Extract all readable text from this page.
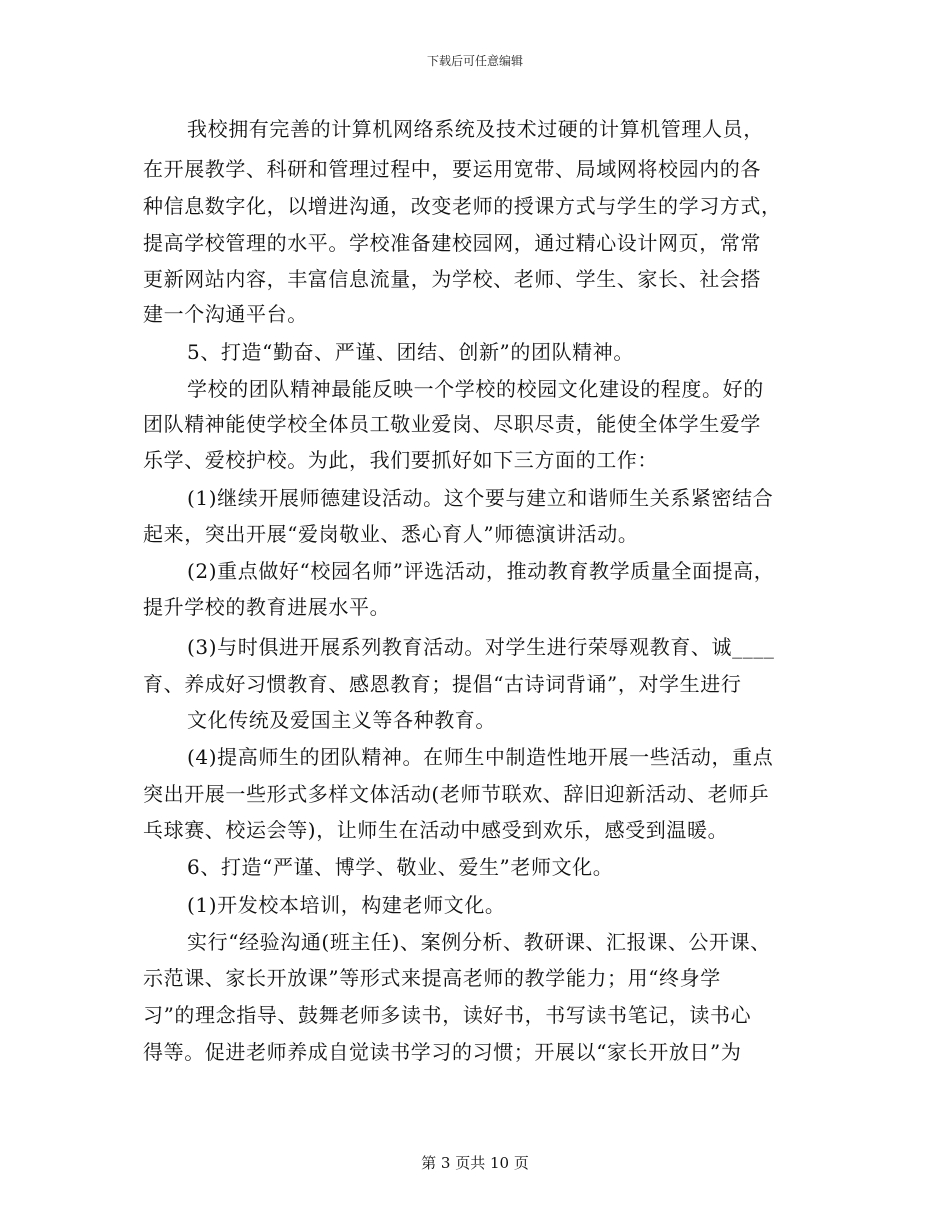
下载后可任意编辑
我校拥有完善的计算机网络系统及技术过硬的计算机管理人员，
在开展教学、科研和管理过程中，要运用宽带、局域网将校园内的各
种信息数字化，以增进沟通，改变老师的授课方式与学生的学习方式，
提高学校管理的水平。学校准备建校园网，通过精心设计网页，常常
更新网站内容，丰富信息流量，为学校、老师、学生、家长、社会搭
建一个沟通平台。
5、打造“勤奋、严谨、团结、创新”的团队精神。
学校的团队精神最能反映一个学校的校园文化建设的程度。好的
团队精神能使学校全体员工敬业爱岗、尽职尽责，能使全体学生爱学
乐学、爱校护校。为此，我们要抓好如下三方面的工作：
(1)继续开展师德建设活动。这个要与建立和谐师生关系紧密结合
起来，突出开展“爱岗敬业、悉心育人”师德演讲活动。
(2)重点做好“校园名师”评选活动，推动教育教学质量全面提高，
提升学校的教育进展水平。
(3)与时俱进开展系列教育活动。对学生进行荣辱观教育、诚____
育、养成好习惯教育、感恩教育；提倡“古诗词背诵”，对学生进行
文化传统及爱国主义等各种教育。
(4)提高师生的团队精神。在师生中制造性地开展一些活动，重点
突出开展一些形式多样文体活动(老师节联欢、辞旧迎新活动、老师乒
乓球赛、校运会等)，让师生在活动中感受到欢乐，感受到温暖。
6、打造“严谨、博学、敬业、爱生”老师文化。
(1)开发校本培训，构建老师文化。
实行“经验沟通(班主任)、案例分析、教研课、汇报课、公开课、
示范课、家长开放课”等形式来提高老师的教学能力；用“终身学
习”的理念指导、鼓舞老师多读书，读好书，书写读书笔记，读书心
得等。促进老师养成自觉读书学习的习惯；开展以“家长开放日”为
第 3 页共 10 页
